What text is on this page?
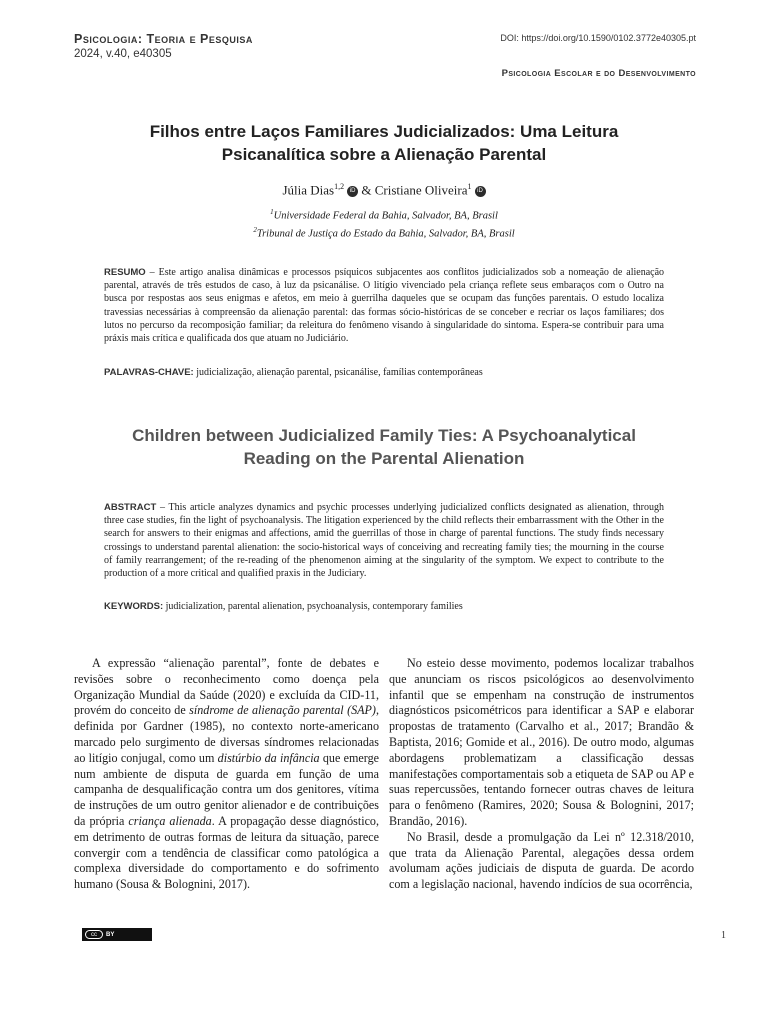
Psicologia: Teoria e Pesquisa
2024, v.40, e40305
DOI: https://doi.org/10.1590/0102.3772e40305.pt
Psicologia Escolar e do Desenvolvimento
Filhos entre Laços Familiares Judicializados: Uma Leitura
Psicanalítica sobre a Alienação Parental
Júlia Dias$^{1,2}$ iD & Cristiane Oliveira$^1$ iD
$^1$Universidade Federal da Bahia, Salvador, BA, Brasil
$^2$Tribunal de Justiça do Estado da Bahia, Salvador, BA, Brasil

RESUMO – Este artigo analisa dinâmicas e processos psíquicos subjacentes aos conflitos judicializados sob a nomeação de alienação parental, através de três estudos de caso, à luz da psicanálise. O litígio vivenciado pela criança reflete seus embaraços com o Outro na busca por respostas aos seus enigmas e afetos, em meio à guerrilha daqueles que se ocupam das funções parentais. O estudo localiza travessias necessárias à compreensão da alienação parental: das formas sócio-históricas de se conceber e recriar os laços familiares; dos lutos no percurso da recomposição familiar; da releitura do fenômeno visando à singularidade do sintoma. Espera-se contribuir para uma práxis mais crítica e qualificada dos que atuam no Judiciário.

PALAVRAS-CHAVE: judicialização, alienação parental, psicanálise, famílias contemporâneas

Children between Judicialized Family Ties: A Psychoanalytical
Reading on the Parental Alienation

ABSTRACT – This article analyzes dynamics and psychic processes underlying judicialized conflicts designated as alienation, through three case studies, fin the light of psychoanalysis. The litigation experienced by the child reflects their embarrassment with the Other in the search for answers to their enigmas and affections, amid the guerrillas of those in charge of parental functions. The study finds necessary crossings to understand parental alienation: the socio-historical ways of conceiving and recreating family ties; the mourning in the course of family rearrangement; of the re-reading of the phenomenon aiming at the singularity of the symptom. We expect to contribute to the production of a more critical and qualified praxis in the Judiciary.

KEYWORDS: judicialization, parental alienation, psychoanalysis, contemporary families

A expressão “alienação parental”, fonte de debates e revisões sobre o reconhecimento como doença pela Organização Mundial da Saúde (2020) e excluída da CID-11, provém do conceito de síndrome de alienação parental (SAP), definida por Gardner (1985), no contexto norte-americano marcado pelo surgimento de diversas síndromes relacionadas ao litígio conjugal, como um distúrbio da infância que emerge num ambiente de disputa de guarda em função de uma campanha de desqualificação contra um dos genitores, vítima de instruções de um outro genitor alienador e de contribuições da própria criança alienada. A propagação desse diagnóstico, em detrimento de outras formas de leitura da situação, parece convergir com a tendência de classificar como patológica a complexa diversidade do comportamento e do sofrimento humano (Sousa & Bolognini, 2017).

No esteio desse movimento, podemos localizar trabalhos que anunciam os riscos psicológicos ao desenvolvimento infantil que se empenham na construção de instrumentos diagnósticos psicométricos para identificar a SAP e elaborar propostas de tratamento (Carvalho et al., 2017; Brandão & Baptista, 2016; Gomide et al., 2016). De outro modo, algumas abordagens problematizam a classificação dessas manifestações comportamentais sob a etiqueta de SAP ou AP e suas repercussões, tentando fornecer outras chaves de leitura para o fenômeno (Ramires, 2020; Sousa & Bolognini, 2017; Brandão, 2016).

No Brasil, desde a promulgação da Lei nº 12.318/2010, que trata da Alienação Parental, alegações dessa ordem avolumam ações judiciais de disputa de guarda. De acordo com a legislação nacional, havendo indícios de sua ocorrência,

cc	BY	1
